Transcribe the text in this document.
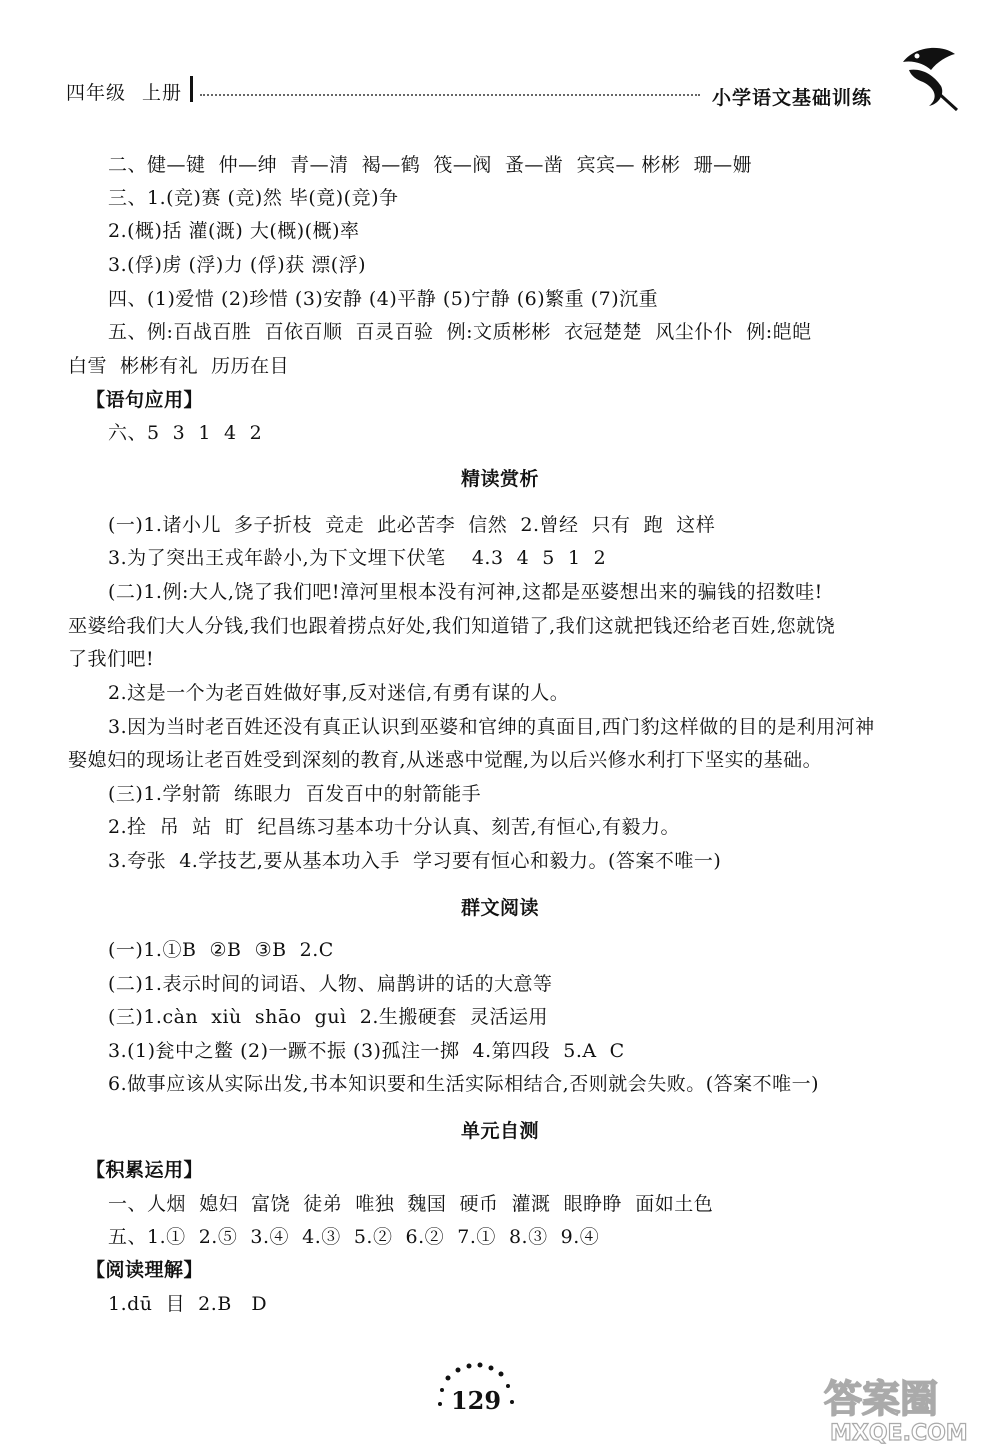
四年级 上册	小学语文基础训练
二、健—键  仲—绅  青—清  褐—鹤  筏—阀  蚤—凿  宾宾— 彬彬  珊—姗
三、1.(竞)赛 (竞)然 毕(竟)(竞)争
2.(概)括 灌(溉) 大(概)(概)率
3.(俘)虏 (浮)力 (俘)获 漂(浮)
四、(1)爱惜 (2)珍惜 (3)安静 (4)平静 (5)宁静 (6)繁重 (7)沉重
五、例:百战百胜  百依百顺  百灵百验  例:文质彬彬  衣冠楚楚  风尘仆仆  例:皑皑
白雪  彬彬有礼  历历在目
【语句应用】
六、5  3  1  4  2
精读赏析
(一)1.诸小儿  多子折枝  竞走  此必苦李  信然  2.曾经  只有  跑  这样
3.为了突出王戎年龄小,为下文埋下伏笔    4.3  4  5  1  2
(二)1.例:大人,饶了我们吧!漳河里根本没有河神,这都是巫婆想出来的骗钱的招数哇!
巫婆给我们大人分钱,我们也跟着捞点好处,我们知道错了,我们这就把钱还给老百姓,您就饶
了我们吧!
2.这是一个为老百姓做好事,反对迷信,有勇有谋的人。
3.因为当时老百姓还没有真正认识到巫婆和官绅的真面目,西门豹这样做的目的是利用河神
娶媳妇的现场让老百姓受到深刻的教育,从迷惑中觉醒,为以后兴修水利打下坚实的基础。
(三)1.学射箭  练眼力  百发百中的射箭能手
2.拴  吊  站  盯  纪昌练习基本功十分认真、刻苦,有恒心,有毅力。
3.夸张  4.学技艺,要从基本功入手  学习要有恒心和毅力。(答案不唯一)
群文阅读
(一)1.①B  ②B  ③B  2.C
(二)1.表示时间的词语、人物、扁鹊讲的话的大意等
(三)1.càn  xiù  shāo  guì  2.生搬硬套  灵活运用
3.(1)瓮中之鳖 (2)一蹶不振 (3)孤注一掷  4.第四段  5.A  C
6.做事应该从实际出发,书本知识要和生活实际相结合,否则就会失败。(答案不唯一)
单元自测
【积累运用】
一、人烟  媳妇  富饶  徒弟  唯独  魏国  硬币  灌溉  眼睁睁  面如土色
五、1.①  2.⑤  3.④  4.③  5.②  6.②  7.①  8.③  9.④
【阅读理解】
1.dū  目  2.B   D
129	答案圈
MXQE.COM
